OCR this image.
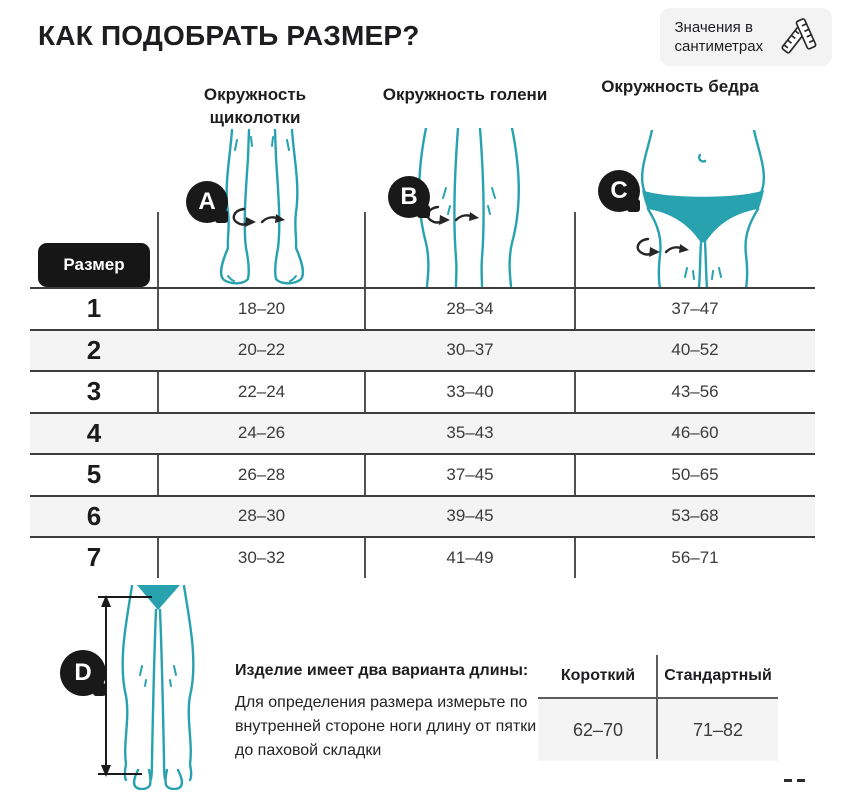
КАК ПОДОБРАТЬ РАЗМЕР?	Значения в сантиметрах
Окружность щиколотки
Окружность голени	Окружность бедра
A	B	C
D
Размер
1	18–20	28–34	37–47
2	20–22	30–37	40–52
3	22–24	33–40	43–56
4	24–26	35–43	46–60
5	26–28	37–45	50–65
6	28–30	39–45	53–68
7	30–32	41–49	56–71
Изделие имеет два варианта длины:
Для определения размера измерьте по внутренней стороне ноги длину от пятки до паховой складки
Короткий	Стандартный
62–70	71–82
